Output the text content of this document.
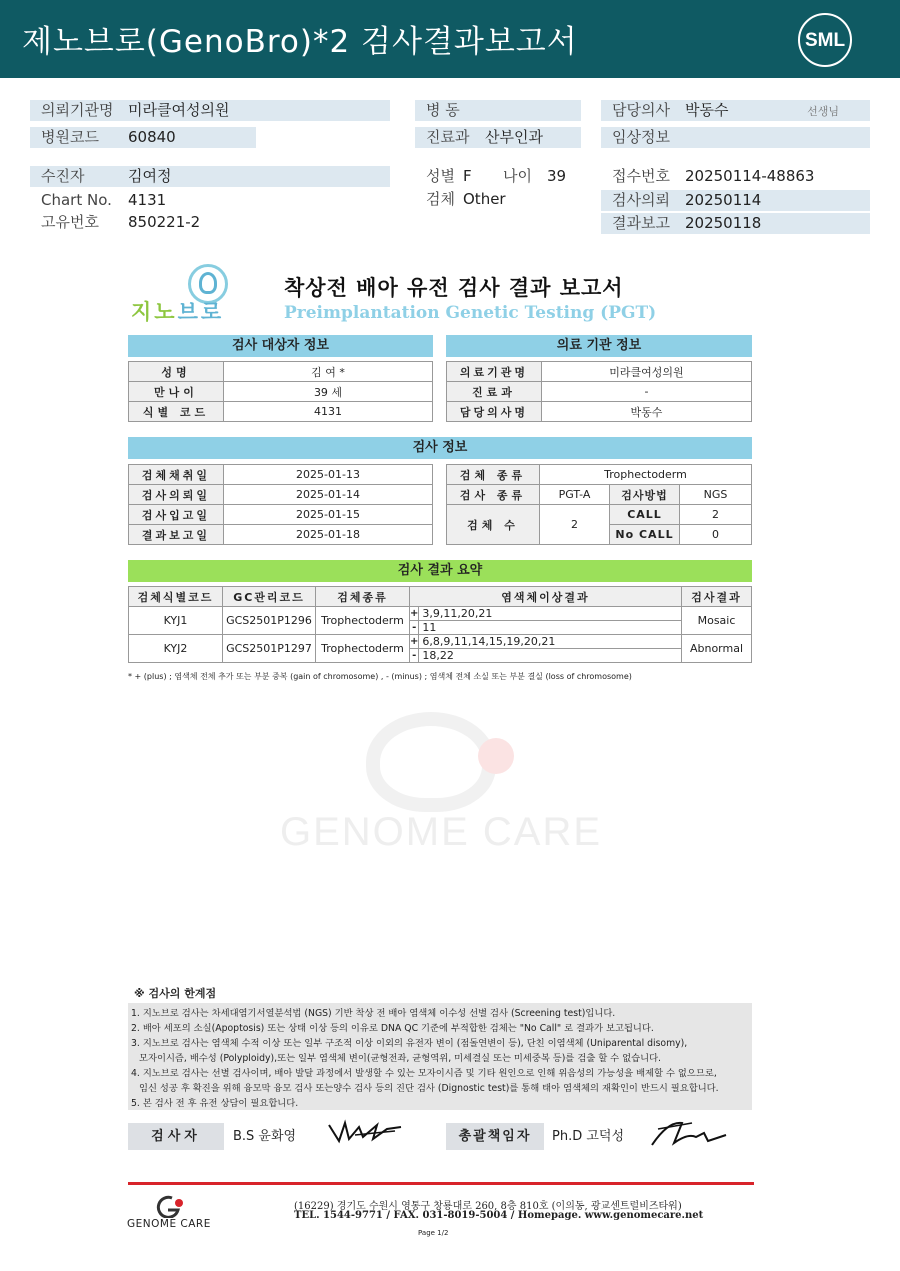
제노브로(GenoBro)*2 검사결과보고서	SML
의뢰기관명 미라클여성의원
병원코드 60840
병 동
진료과 산부인과
담당의사 박동수	선생님
임상정보
수진자	김여정
Chart No. 4131
고유번호 850221-2
성별 F 나이 39
검체 Other
접수번호 20250114-48863
검사의뢰 20250114
결과보고 20250118
지노브로
착상전 배아 유전 검사 결과 보고서
Preimplantation Genetic Testing (PGT)
검사 대상자 정보
성명	김 여 *
만나이	39 세
식별 코드	4131
의료 기관 정보
의료기관명	미라클여성의원
진료과	-
담당의사명	박동수
검사 정보
검체채취일	2025-01-13
검사의뢰일	2025-01-14
검사입고일	2025-01-15
결과보고일	2025-01-18
검체 종류	Trophectoderm		
검사 종류	PGT-A	검사방법	NGS
검체 수	2	CALL	2
		No CALL	0
검사 결과 요약
검체식별코드	GC관리코드	검체종류	염색체이상결과		검사결과
KYJ1	GCS2501P1296	Trophectoderm	+	3,9,11,20,21	Mosaic
			-	11	
KYJ2	GCS2501P1297	Trophectoderm	+	6,8,9,11,14,15,19,20,21	Abnormal
			-	18,22	
* + (plus) ; 염색체 전체 추가 또는 부분 중복 (gain of chromosome) , - (minus) ; 염색체 전체 소실 또는 부분 결실 (loss of chromosome)
GENOME CARE
※ 검사의 한계점
1. 지노브로 검사는 차세대염기서열분석법 (NGS) 기반 착상 전 배아 염색체 이수성 선별 검사 (Screening test)입니다.
2. 배아 세포의 소실(Apoptosis) 또는 상태 이상 등의 이유로 DNA QC 기준에 부적합한 검체는 "No Call" 로 결과가 보고됩니다.
3. 지노브로 검사는 염색체 수적 이상 또는 일부 구조적 이상 이외의 유전자 변이 (점돌연변이 등), 단친 이염색체 (Uniparental disomy),
모자이시즘, 배수성 (Polyploidy),또는 일부 염색체 변이(균형전좌, 균형역위, 미세결실 또는 미세중복 등)를 검출 할 수 없습니다.
4. 지노브로 검사는 선별 검사이며, 배아 발달 과정에서 발생할 수 있는 모자이시즘 및 기타 원인으로 인해 위음성의 가능성을 배제할 수 없으므로,
임신 성공 후 확진을 위해 융모막 융모 검사 또는양수 검사 등의 진단 검사 (Dignostic test)를 통해 태아 염색체의 재확인이 반드시 필요합니다.
5. 본 검사 전 후 유전 상담이 필요합니다.
검사자	B.S 윤화영	총괄책임자	Ph.D 고덕성
GENOME CARE
(16229) 경기도 수원시 영통구 창룡대로 260, 8층 810호 (이의동, 광교센트럴비즈타워)
TEL. 1544-9771 / FAX. 031-8019-5004 / Homepage. www.genomecare.net
Page 1/2
